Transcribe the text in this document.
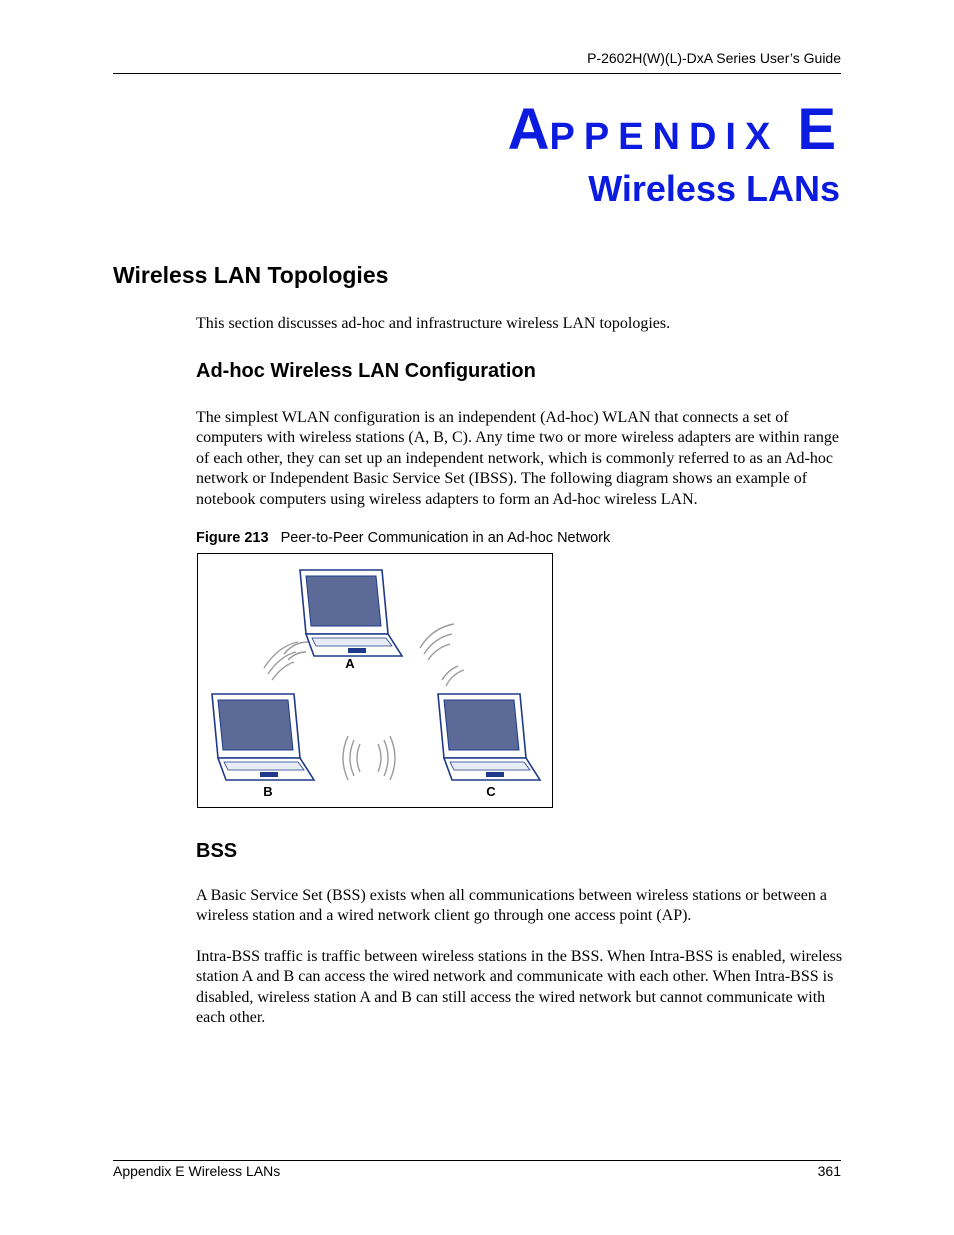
P-2602H(W)(L)-DxA Series User’s Guide
APPENDIX E
Wireless LANs
Wireless LAN Topologies
This section discusses ad-hoc and infrastructure wireless LAN topologies.
Ad-hoc Wireless LAN Configuration
The simplest WLAN configuration is an independent (Ad-hoc) WLAN that connects a set of computers with wireless stations (A, B, C). Any time two or more wireless adapters are within range of each other, they can set up an independent network, which is commonly referred to as an Ad-hoc network or Independent Basic Service Set (IBSS). The following diagram shows an example of notebook computers using wireless adapters to form an Ad-hoc wireless LAN.
Figure 213 Peer-to-Peer Communication in an Ad-hoc Network
A
B	C
BSS
A Basic Service Set (BSS) exists when all communications between wireless stations or between a wireless station and a wired network client go through one access point (AP).
Intra-BSS traffic is traffic between wireless stations in the BSS. When Intra-BSS is enabled, wireless station A and B can access the wired network and communicate with each other. When Intra-BSS is disabled, wireless station A and B can still access the wired network but cannot communicate with each other.
Appendix E Wireless LANs	361
